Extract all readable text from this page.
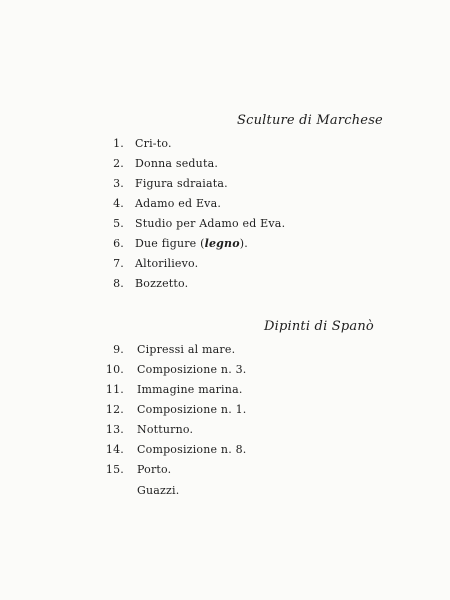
Sculture di Marchese
1. Cri-to.
2. Donna seduta.
3. Figura sdraiata.
4. Adamo ed Eva.
5. Studio per Adamo ed Eva.
6. Due figure (legno).
7. Altorilievo.
8. Bozzetto.
Dipinti di Spanò
9. Cipressi al mare.
10. Composizione n. 3.
11. Immagine marina.
12. Composizione n. 1.
13. Notturno.
14. Composizione n. 8.
15. Porto.
Guazzi.
